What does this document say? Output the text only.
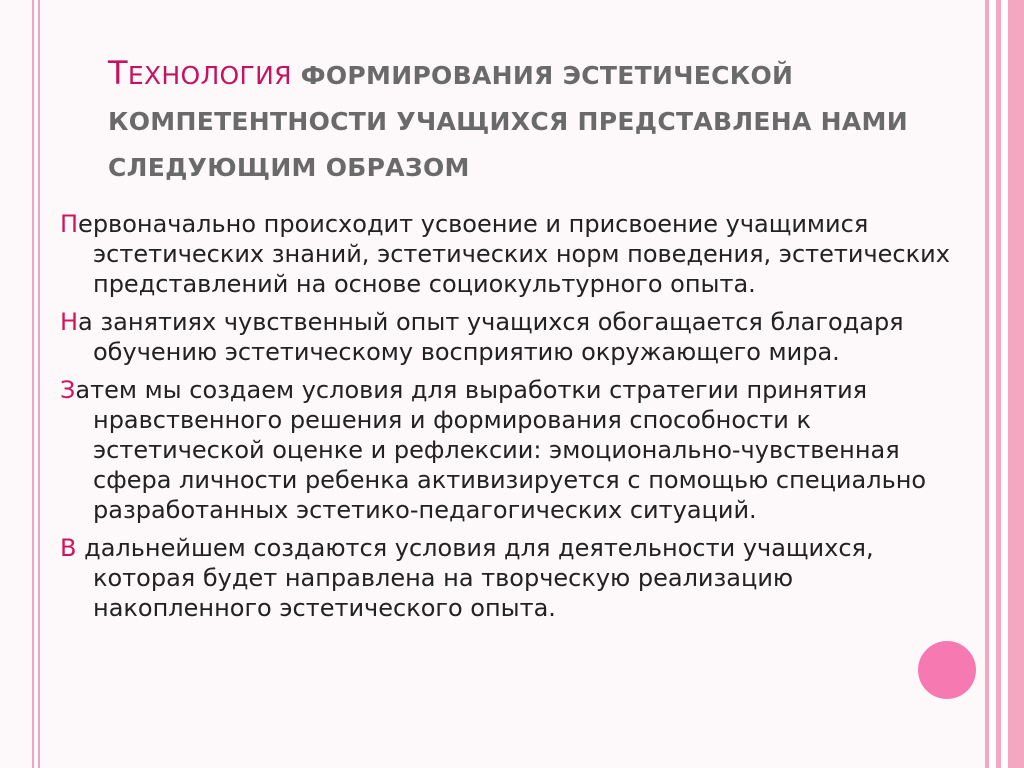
ТЕХНОЛОГИЯ ФОРМИРОВАНИЯ ЭСТЕТИЧЕСКОЙ КОМПЕТЕНТНОСТИ УЧАЩИХСЯ ПРЕДСТАВЛЕНА НАМИ СЛЕДУЮЩИМ ОБРАЗОМ

Первоначально происходит усвоение и присвоение учащимися эстетических знаний, эстетических норм поведения, эстетических представлений на основе социокультурного опыта.

На занятиях чувственный опыт учащихся обогащается благодаря обучению эстетическому восприятию окружающего мира.

Затем мы создаем условия для выработки стратегии принятия нравственного решения и формирования способности к эстетической оценке и рефлексии: эмоционально-чувственная сфера личности ребенка активизируется с помощью специально разработанных эстетико-педагогических ситуаций.

В дальнейшем создаются условия для деятельности учащихся, которая будет направлена на творческую реализацию накопленного эстетического опыта.
